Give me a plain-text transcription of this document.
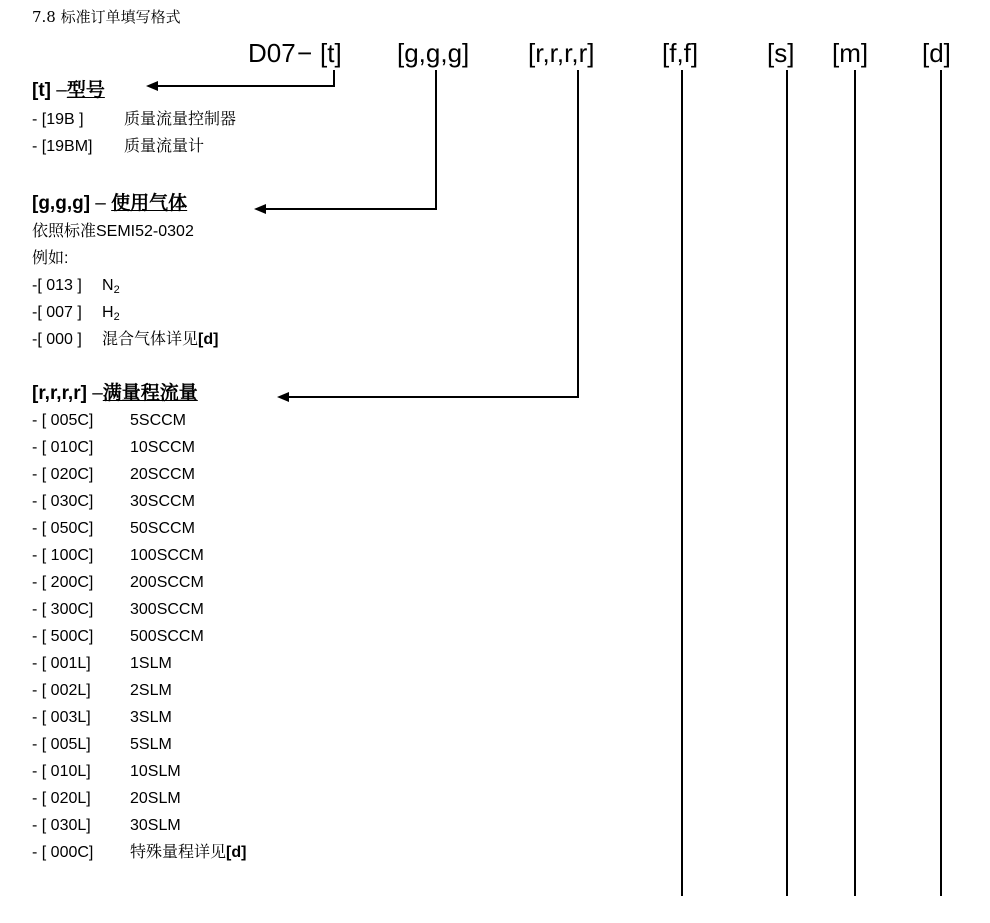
7.8 标准订单填写格式
D07 − [t] [g,g,g] [r,r,r,r]	[f,f]	[s] [m] [d]
[t] –型号
- [19B ]	质量流量控制器
- [19BM] 质量流量计
[g,g,g] – 使用气体
依照标准SEMI52-0302
例如:
-[ 013 ] $N_2$
-[ 007 ] $H_2$
-[ 000 ] 混合气体详见[d]
[r,r,r,r] –满量程流量
- [ 005C] 5SCCM
- [ 010C] 10SCCM
- [ 020C] 20SCCM
- [ 030C] 30SCCM
- [ 050C] 50SCCM
- [ 100C] 100SCCM
- [ 200C] 200SCCM
- [ 300C] 300SCCM
- [ 500C] 500SCCM
- [ 001L] 1SLM
- [ 002L] 2SLM
- [ 003L] 3SLM
- [ 005L] 5SLM
- [ 010L] 10SLM
- [ 020L] 20SLM
- [ 030L] 30SLM
- [ 000C] 特殊量程详见[d]
